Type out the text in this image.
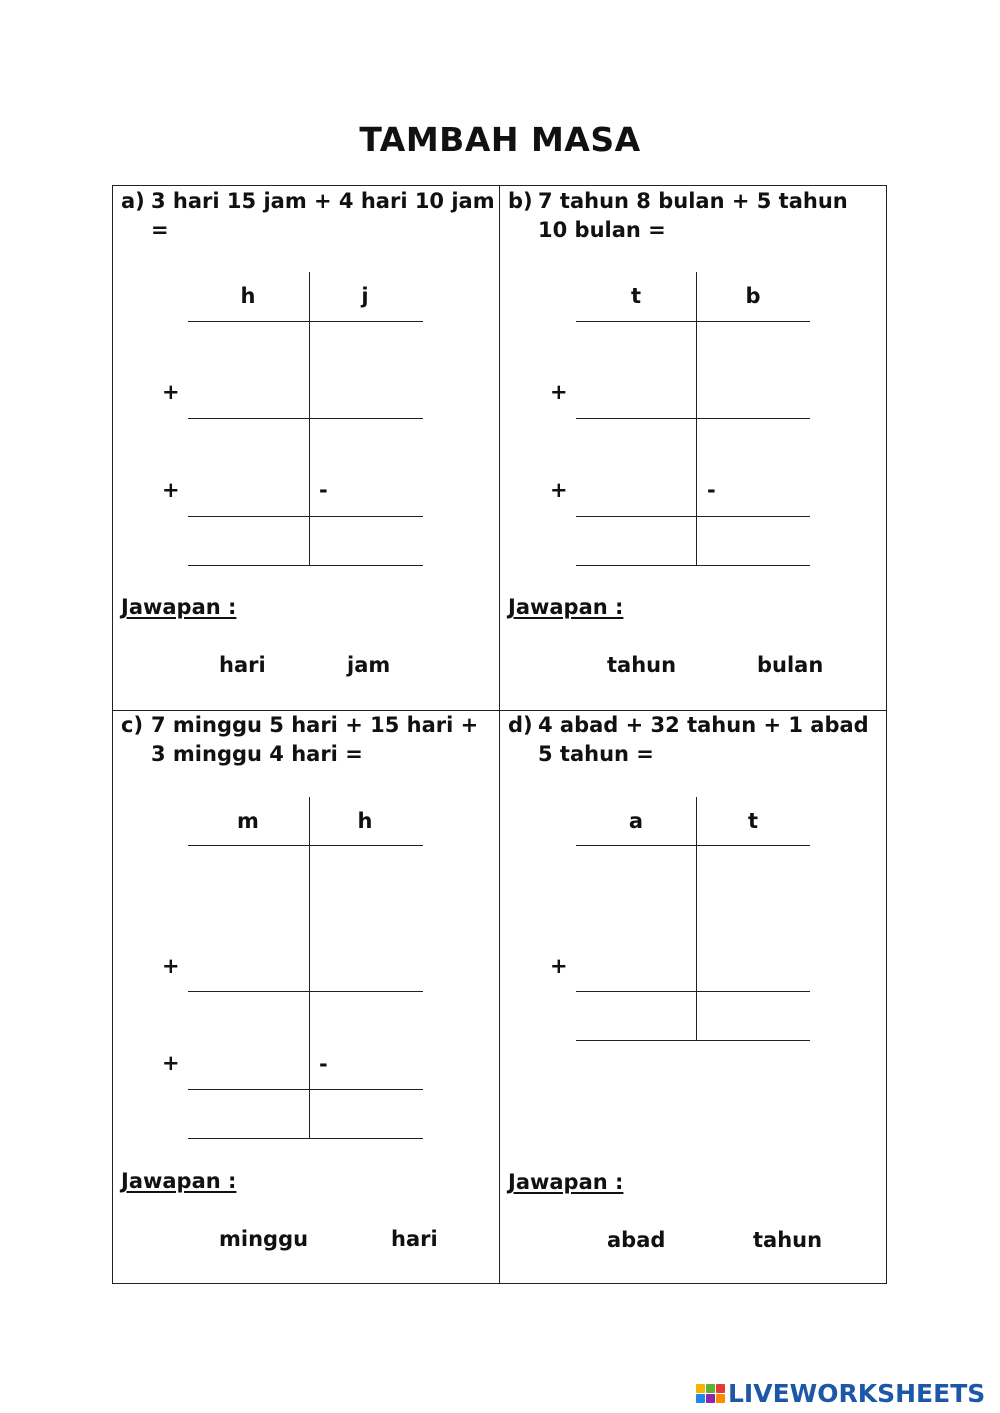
TAMBAH MASA
a) 3 hari 15 jam + 4 hari 10 jam =
h	j
+
+	-
Jawapan :
hari	jam
b) 7 tahun 8 bulan + 5 tahun 10 bulan =
t	b
+
+	-
Jawapan :
tahun	bulan
c) 7 minggu 5 hari + 15 hari + 3 minggu 4 hari =
m	h
+
+	-
Jawapan :
minggu	hari
d) 4 abad + 32 tahun + 1 abad 5 tahun =
a	t
+
Jawapan :
abad	tahun
LIVEWORKSHEETS
